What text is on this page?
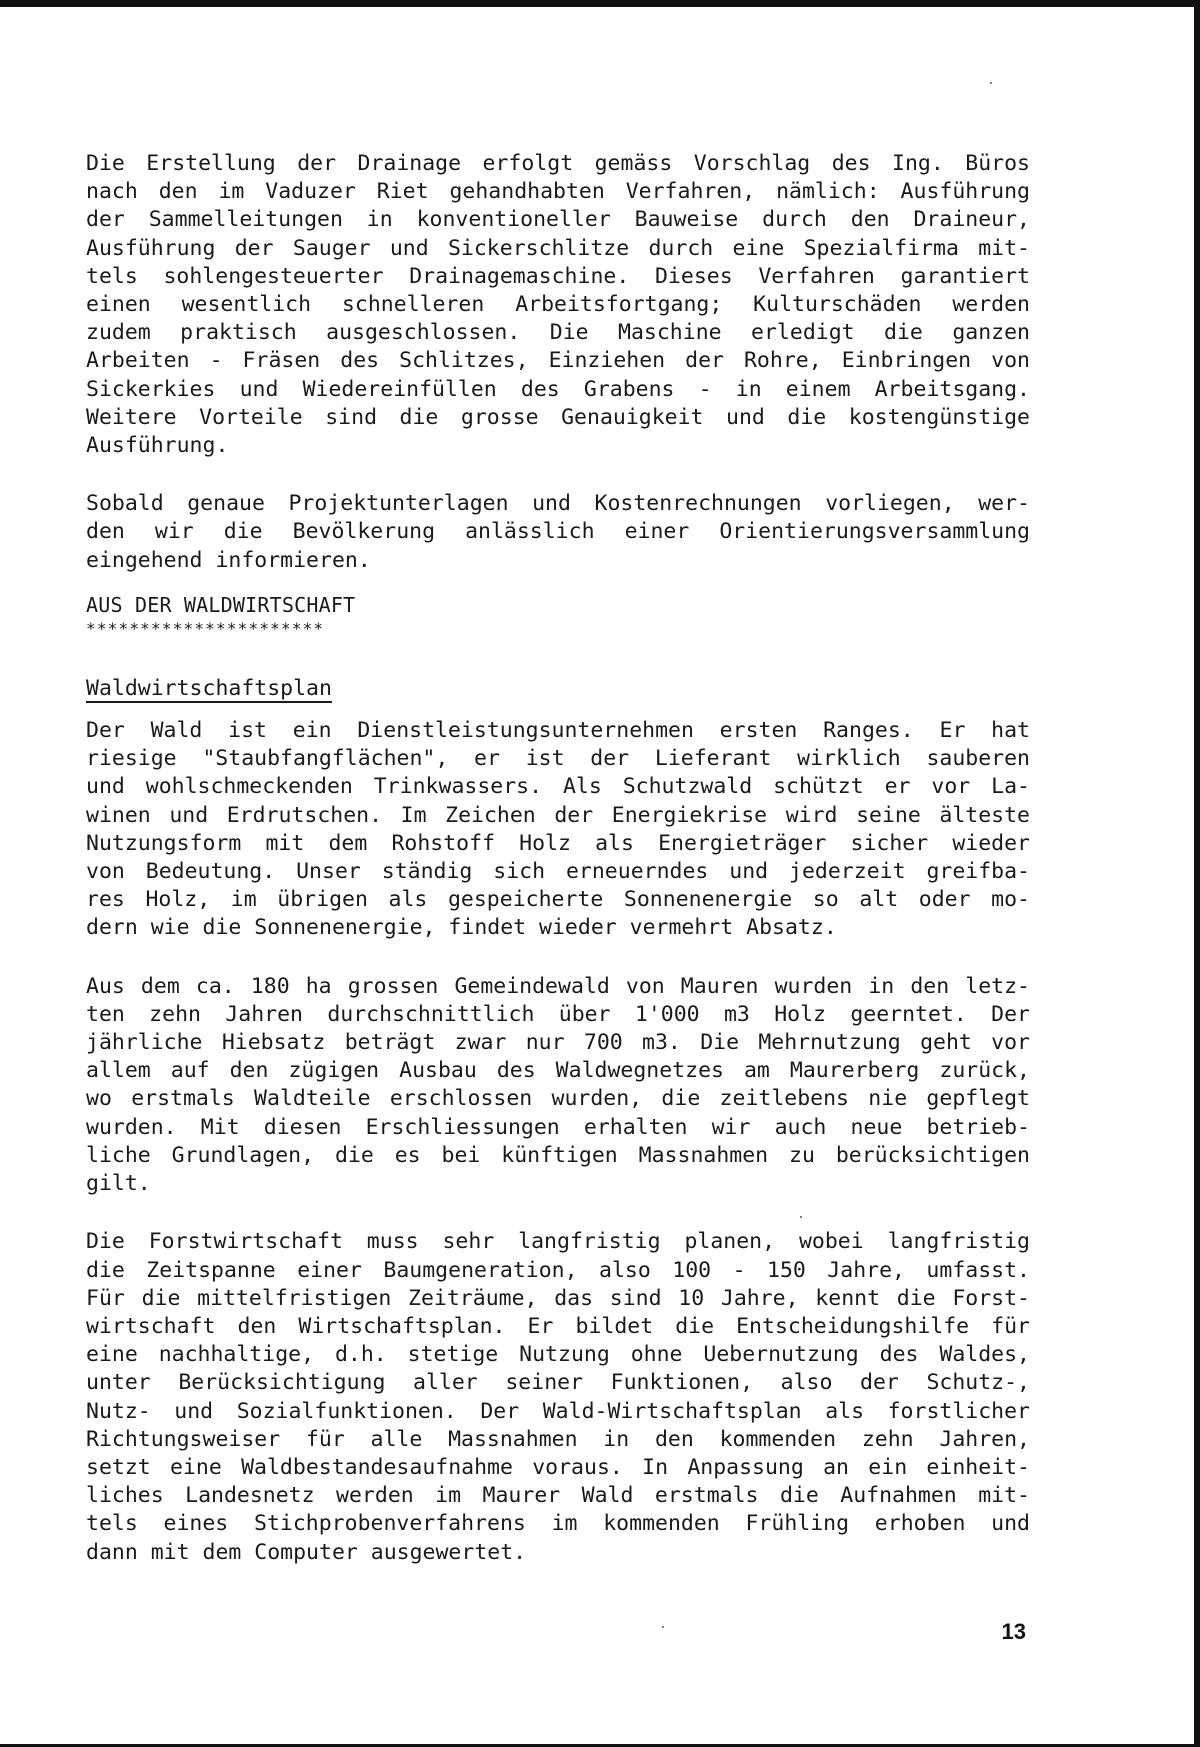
Die Erstellung der Drainage erfolgt gemäss Vorschlag des Ing. Büros
nach den im Vaduzer Riet gehandhabten Verfahren, nämlich: Ausführung
der Sammelleitungen in konventioneller Bauweise durch den Draineur,
Ausführung der Sauger und Sickerschlitze durch eine Spezialfirma mit-
tels sohlengesteuerter Drainagemaschine. Dieses Verfahren garantiert
einen wesentlich schnelleren Arbeitsfortgang; Kulturschäden werden
zudem praktisch ausgeschlossen. Die Maschine erledigt die ganzen
Arbeiten - Fräsen des Schlitzes, Einziehen der Rohre, Einbringen von
Sickerkies und Wiedereinfüllen des Grabens - in einem Arbeitsgang.
Weitere Vorteile sind die grosse Genauigkeit und die kostengünstige
Ausführung.
Sobald genaue Projektunterlagen und Kostenrechnungen vorliegen, wer-
den wir die Bevölkerung anlässlich einer Orientierungsversammlung
eingehend informieren.

AUS DER WALDWIRTSCHAFT

**********************

Waldwirtschaftsplan

Der Wald ist ein Dienstleistungsunternehmen ersten Ranges. Er hat
riesige "Staubfangflächen", er ist der Lieferant wirklich sauberen
und wohlschmeckenden Trinkwassers. Als Schutzwald schützt er vor La-
winen und Erdrutschen. Im Zeichen der Energiekrise wird seine älteste
Nutzungsform mit dem Rohstoff Holz als Energieträger sicher wieder
von Bedeutung. Unser ständig sich erneuerndes und jederzeit greifba-
res Holz, im übrigen als gespeicherte Sonnenenergie so alt oder mo-
dern wie die Sonnenenergie, findet wieder vermehrt Absatz.
Aus dem ca. 180 ha grossen Gemeindewald von Mauren wurden in den letz-
ten zehn Jahren durchschnittlich über 1'000 m3 Holz geerntet. Der
jährliche Hiebsatz beträgt zwar nur 700 m3. Die Mehrnutzung geht vor
allem auf den zügigen Ausbau des Waldwegnetzes am Maurerberg zurück,
wo erstmals Waldteile erschlossen wurden, die zeitlebens nie gepflegt
wurden. Mit diesen Erschliessungen erhalten wir auch neue betrieb-
liche Grundlagen, die es bei künftigen Massnahmen zu berücksichtigen
gilt.
Die Forstwirtschaft muss sehr langfristig planen, wobei langfristig
die Zeitspanne einer Baumgeneration, also 100 - 150 Jahre, umfasst.
Für die mittelfristigen Zeiträume, das sind 10 Jahre, kennt die Forst-
wirtschaft den Wirtschaftsplan. Er bildet die Entscheidungshilfe für
eine nachhaltige, d.h. stetige Nutzung ohne Uebernutzung des Waldes,
unter Berücksichtigung aller seiner Funktionen, also der Schutz-,
Nutz- und Sozialfunktionen. Der Wald-Wirtschaftsplan als forstlicher
Richtungsweiser für alle Massnahmen in den kommenden zehn Jahren,
setzt eine Waldbestandesaufnahme voraus. In Anpassung an ein einheit-
liches Landesnetz werden im Maurer Wald erstmals die Aufnahmen mit-
tels eines Stichprobenverfahrens im kommenden Frühling erhoben und
dann mit dem Computer ausgewertet.
13
